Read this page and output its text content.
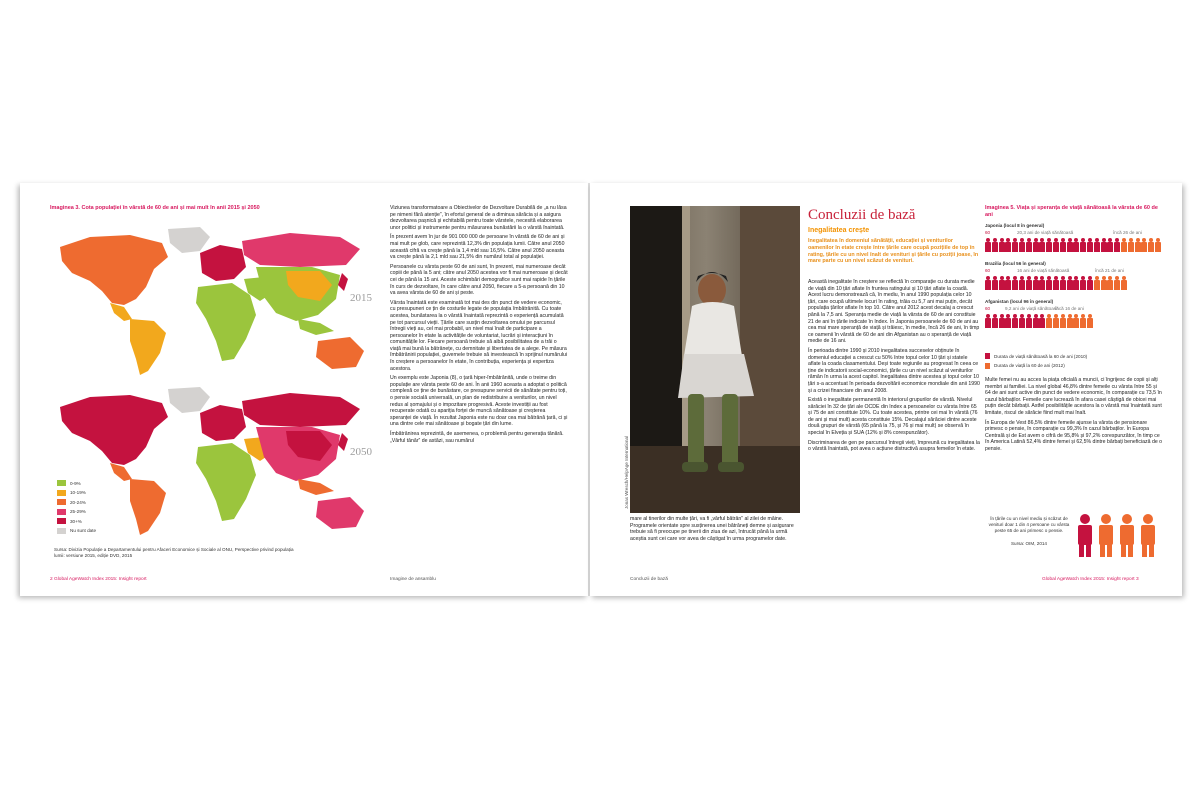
Imaginea 3. Cota populației în vârstă de 60 de ani și mai mult în anii 2015 și 2050
2015
2050
0-9%
10-19%
20-24%
25-29%
30+%
Nu sunt date
Sursa: Divizia Populație a Departamentului pentru Afaceri Economice și Sociale al ONU, Perspective privind populația lumii: versiune 2015, ediție DVD, 2015

Viziunea transformatoare a Obiectivelor de Dezvoltare Durabilă de „a nu lăsa pe nimeni fără atenție”, în efortul general de a diminua sărăcia și a asigura dezvoltarea pașnică și echitabilă pentru toate vârstele, necesită elaborarea unor politici și instrumente pentru măsurarea bunăstării la o vârstă înaintată.

În prezent avem în jur de 901 000 000 de persoane în vârstă de 60 de ani și mai mult pe glob, care reprezintă 12,3% din populația lumii. Către anul 2050 această cifră va crește până la 1,4 mld sau 16,5%. Către anul 2050 aceasta va crește până la 2,1 mld sau 21,5% din numărul total al populației.

Persoanele cu vârsta peste 60 de ani sunt, în prezent, mai numeroase decât copiii de până la 5 ani; către anul 2050 acestea vor fi mai numeroase și decât cei de până la 15 ani. Aceste schimbări demografice sunt mai rapide în țările în curs de dezvoltare, în care către anul 2050, fiecare a 5-a persoană din 10 va avea vârsta de 60 de ani și peste.

Vârsta înaintată este examinată tot mai des din punct de vedere economic, cu presupuneri ce țin de costurile legate de populația îmbătrânită. Cu toate acestea, bunăstarea la o vârstă înaintată reprezintă o experiență acumulată pe tot parcursul vieții. Țările care susțin dezvoltarea omului pe parcursul întregii vieți au, cel mai probabil, un nivel mai înalt de participare a persoanelor în etate la activitățile de voluntariat, lucrări și interacțiuni în comunitățile lor. Fiecare persoană trebuie să aibă posibilitatea de a trăi o viață mai bună la bătrânețe, cu demnitate și libertatea de a alege. Pe măsura îmbătrânirii populației, guvernele trebuie să investească în sprijinul numărului în creștere a persoanelor în etate, în contribuția, experiența și expertiza acestora.

Un exemplu este Japonia (8), o țară hiper-îmbătrânită, unde o treime din populație are vârsta peste 60 de ani. În anii 1960 aceasta a adoptat o politică complexă ce ține de bunăstare, ce presupune servicii de sănătate pentru toți, o pensie socială universală, un plan de redistribuire a veniturilor, un nivel redus al șomajului și o impozitare progresivă. Aceste investiții au fost recuperate odată cu apariția forței de muncă sănătoase și creșterea speranței de viață. În rezultat Japonia este nu doar cea mai bătrână țară, ci și una dintre cele mai sănătoase și bogate țări din lume.

Îmbătrânirea reprezintă, de asemenea, o problemă pentru generația tânără. „Vârful tânăr” de astăzi, sau numărul

2 Global AgeWatch Index 2015: Insight report	Imagine de ansamblu
Jonas Wresch/HelpAge International
mare al tinerilor din multe țări, va fi „vârful bătrân” al zilei de mâine. Programele orientate spre susținerea unei bătrâneți demne și asigurare trebuie să fi preocupe pe tinerii din ziua de azi, întrucât până la urmă aceștia sunt cei care vor avea de câștigat în urma programelor date.
Concluzii de bază
Inegalitatea crește
Inegalitatea în domeniul sănătății, educației și veniturilor oamenilor în etate crește între țările care ocupă pozițiile de top în rating, țările cu un nivel înalt de venituri și țările cu poziții joase, în mare parte cu un nivel scăzut de venituri.

Această inegalitate în creștere se reflectă în comparație cu durata medie de viață din 10 țări aflate în fruntea ratingului și 10 țări aflate la coadă. Acest lucru demonstrează că, în mediu, în anul 1990 populația celor 10 țări, care ocupă ultimele locuri în rating, trăia cu 5,7 ani mai puțin, decât populația țărilor aflate în top 10. Către anul 2012 acest decalaj a crescut până la 7,5 ani. Speranța medie de viață la vârsta de 60 de ani constituie 21 de ani în țările indicate în Index. În Japonia persoanele de 60 de ani au cea mai mare speranță de viață și trăiesc, în medie, încă 26 de ani, în timp ce oamenii în vârstă de 60 de ani din Afganistan au o speranță de viață medie de 16 ani.

În perioada dintre 1990 și 2010 inegalitatea succeselor obținute în domeniul educației a crescut cu 50% între topul celor 10 țări și statele aflate la coada clasamentului. Deși toate regiunile au progresat în ceea ce ține de indicatorii social-economici, țările cu un nivel scăzut al veniturilor rămân în urma la acest capitol. Inegalitatea dintre acestea și topul celor 10 țări s-a accentuat în perioada dezvoltării economice mondiale din anii 1990 și a crizei financiare din anul 2008.

Există o inegalitate permanentă în interiorul grupurilor de vârstă. Nivelul sărăciei în 32 de țări ale OCDE din Index a persoanelor cu vârsta între 65 și 75 de ani constituie 10%. Cu toate acestea, printre cei mai în vârstă (76 de ani și mai mult) acesta constituie 15%. Decalajul sărăciei dintre aceste două grupuri de vârstă (65 până la 75, și 76 și mai mult) se observă în special în Elveția și SUA (12% și 8% corespunzător).

Discriminarea de gen pe parcursul întregii vieți, împreună cu inegalitatea la o vârstă înaintată, pot avea o acțiune distructivă asupra femeilor în etate.

Imaginea 5. Viața și speranța de viață sănătoasă la vârsta de 60 de ani
Japonia (locul 8 în general)
60	20,3 ani de viață sănătoasă	încă 26 de ani
Brazilia (locul 56 în general)
60	16 ani de viață sănătoasă	încă 21 de ani
Afganistan (locul 96 în general)
60	9,2 ani de viață sănătoasă
încă 16 de ani
Durata de viață sănătoasă la 60 de ani (2010)
Durata de viață la 60 de ani (2012)

Multe femei nu au acces la piața oficială a muncii, ci îngrijesc de copii și alți membri ai familiei. La nivel global 46,8% dintre femeile cu vârsta între 55 și 64 de ani sunt active din punct de vedere economic, în comparație cu 73,5 în cazul bărbaților. Femeile care lucrează în afara casei câștigă de obicei mai puțin decât bărbații. Astfel posibilitățile acestora la o vârstă mai înaintată sunt limitate, riscul de sărăcie fiind mult mai înalt.

În Europa de Vest 86,5% dintre femeile ajunse la vârsta de pensionare primesc o pensie, în comparație cu 99,3% în cazul bărbaților. În Europa Centrală și de Est avem o cifră de 95,8% și 97,2% corespunzător, în timp ce în America Latină 52,4% dintre femei și 62,5% dintre bărbați beneficiază de o pensie.

În țările cu un nivel mediu și scăzut de venituri doar 1 din 4 persoane cu vârsta peste 65 de ani primesc o pensie.
Sursa: OIM, 2014
Concluzii de bază	Global AgeWatch Index 2015: Insight report 3
